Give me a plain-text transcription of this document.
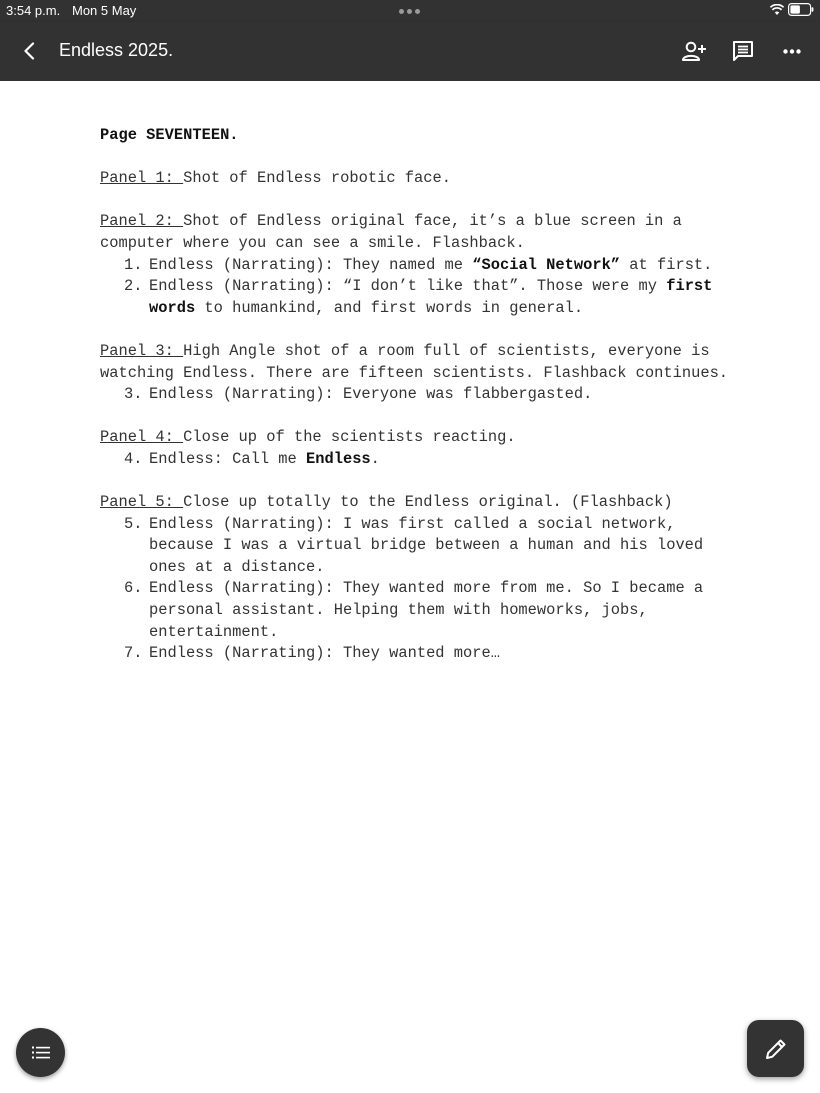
3:54 p.m. Mon 5 May
Endless 2025.

Page SEVENTEEN.

Panel 1: Shot of Endless robotic face.

Panel 2: Shot of Endless original face, it’s a blue screen in a computer where you can see a smile. Flashback.

1. Endless (Narrating): They named me “Social Network” at first.
2. Endless (Narrating): “I don’t like that”. Those were my first words to humankind, and first words in general.

Panel 3: High Angle shot of a room full of scientists, everyone is watching Endless. There are fifteen scientists. Flashback continues.

3. Endless (Narrating): Everyone was flabbergasted.

Panel 4: Close up of the scientists reacting.

4. Endless: Call me Endless.

Panel 5: Close up totally to the Endless original. (Flashback)

5. Endless (Narrating): I was first called a social network, because I was a virtual bridge between a human and his loved ones at a distance.
6. Endless (Narrating): They wanted more from me. So I became a personal assistant. Helping them with homeworks, jobs, entertainment.
7. Endless (Narrating): They wanted more…
